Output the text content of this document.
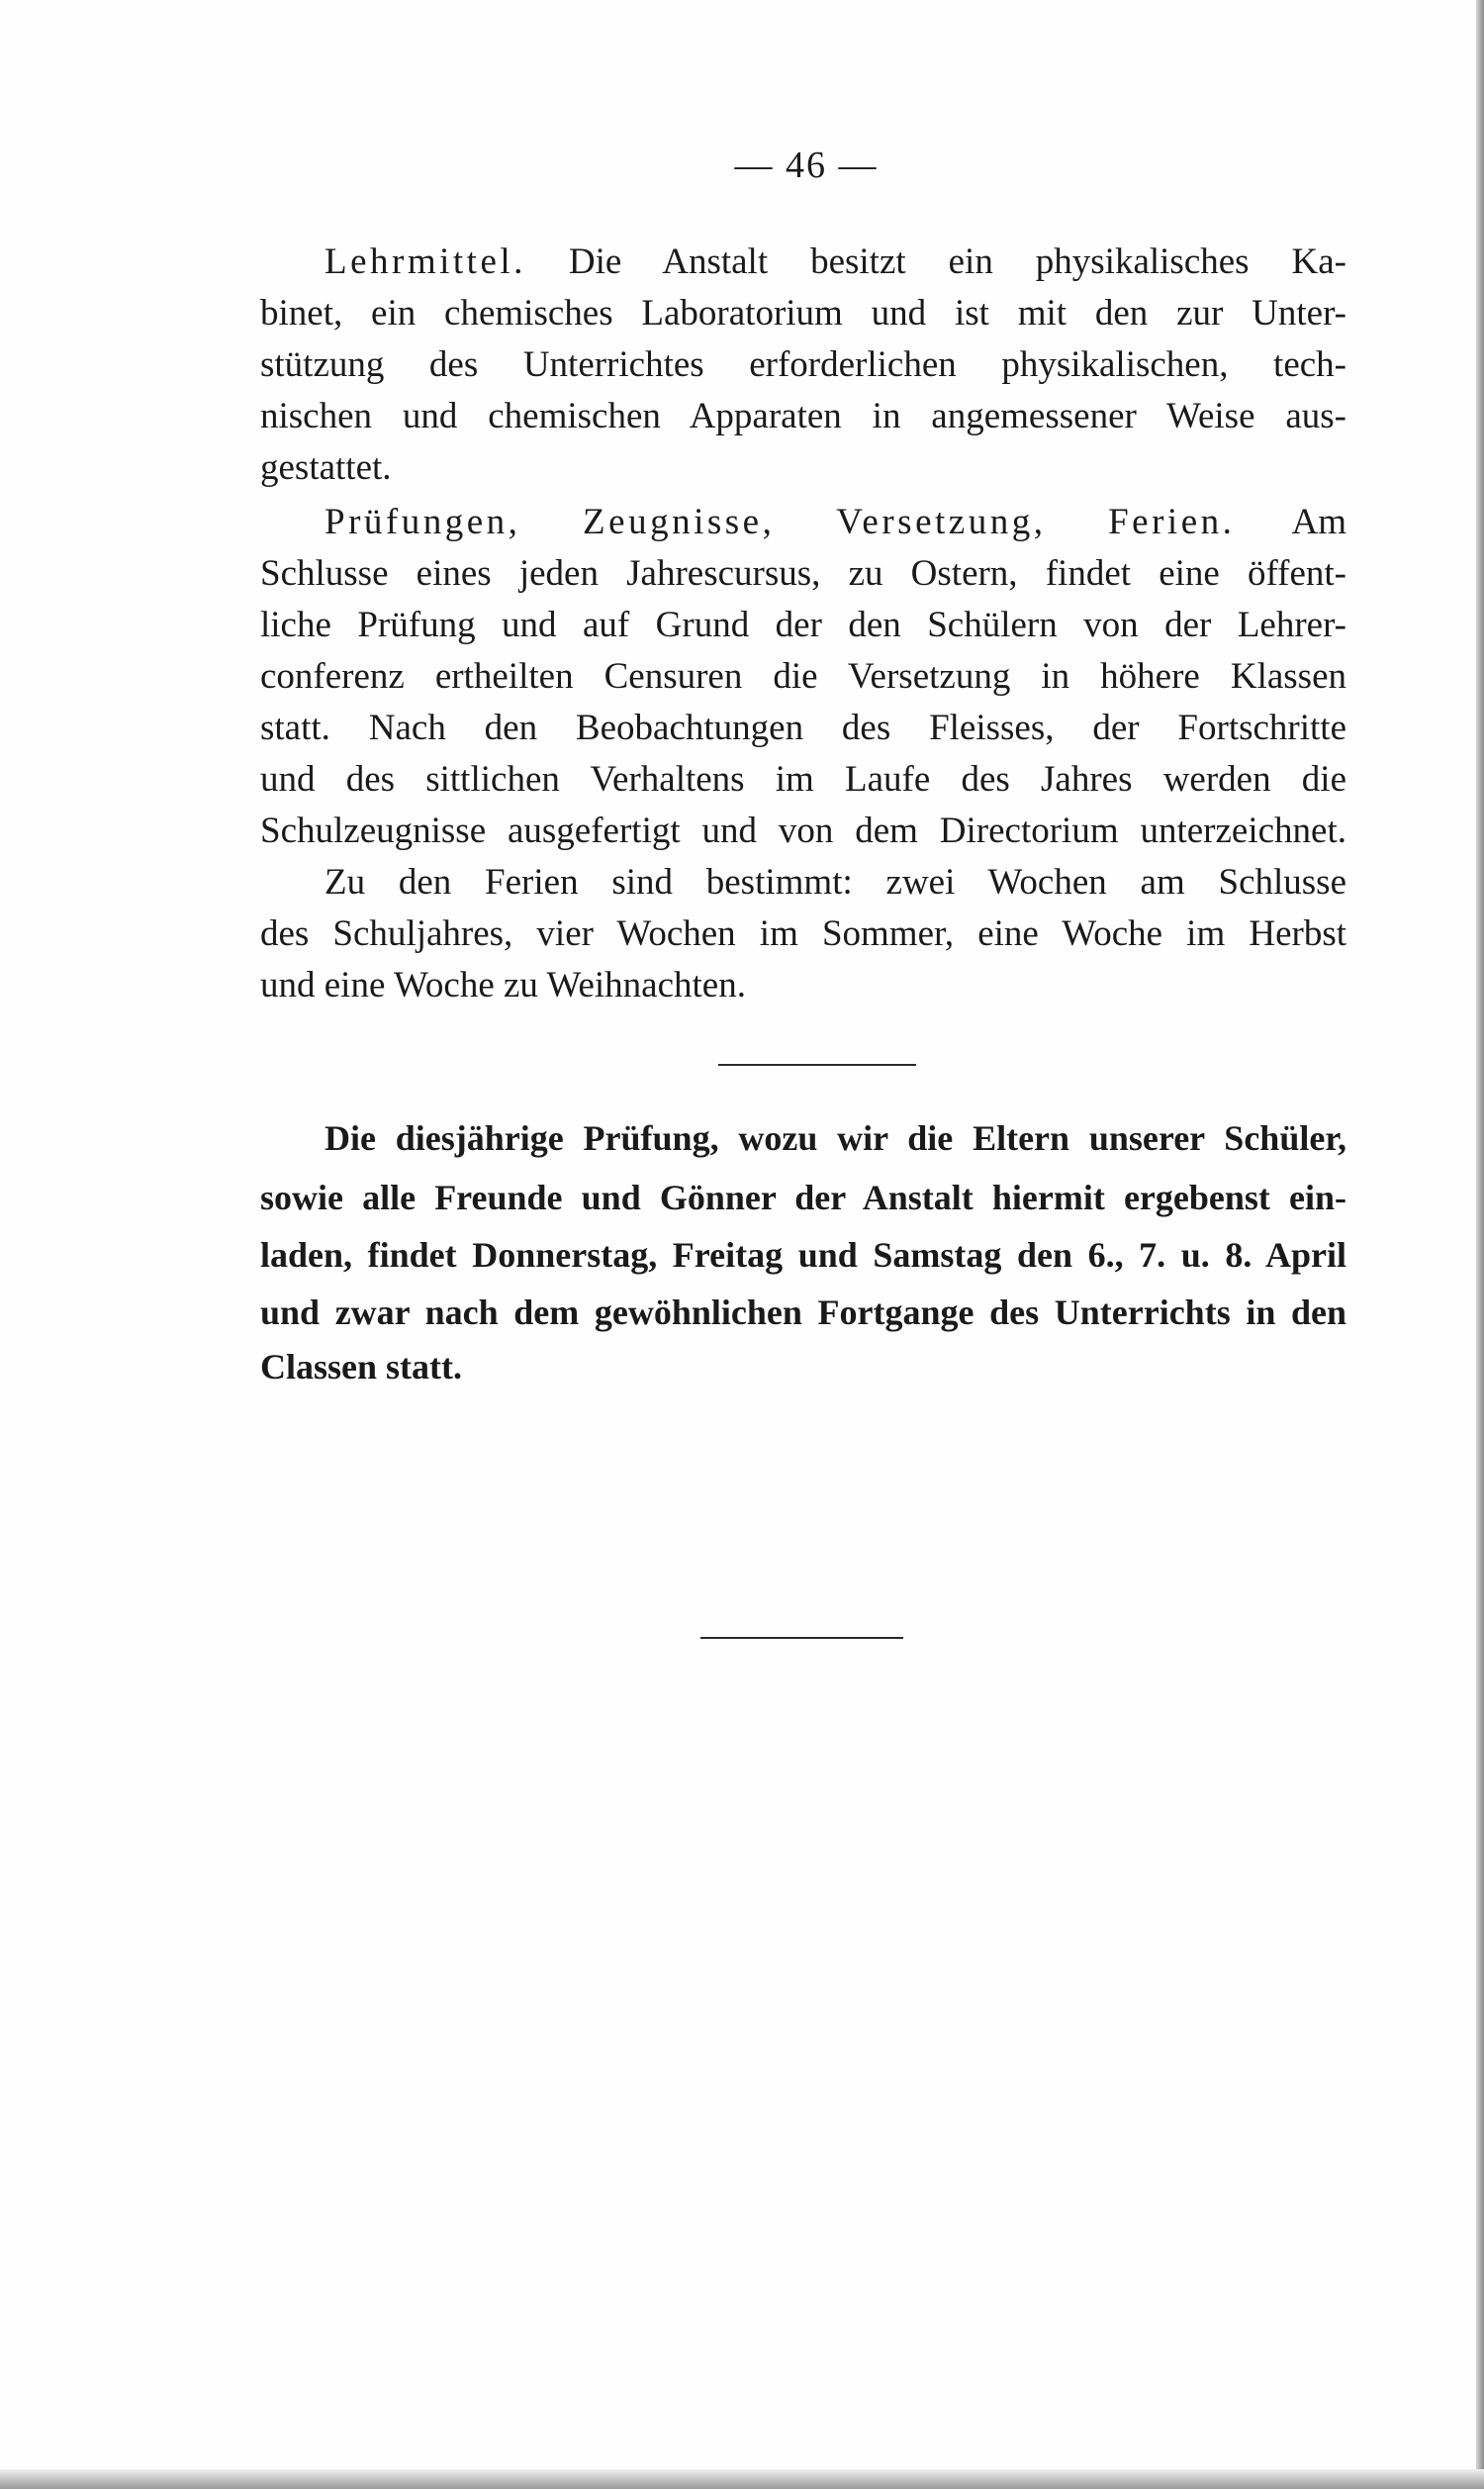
— 46 —
Lehrmittel. Die Anstalt besitzt ein physikalisches Ka-
binet, ein chemisches Laboratorium und ist mit den zur Unter-
stützung des Unterrichtes erforderlichen physikalischen, tech-
nischen und chemischen Apparaten in angemessener Weise aus-
gestattet.
Prüfungen, Zeugnisse, Versetzung, Ferien. Am
Schlusse eines jeden Jahrescursus, zu Ostern, findet eine öffent-
liche Prüfung und auf Grund der den Schülern von der Lehrer-
conferenz ertheilten Censuren die Versetzung in höhere Klassen
statt. Nach den Beobachtungen des Fleisses, der Fortschritte
und des sittlichen Verhaltens im Laufe des Jahres werden die
Schulzeugnisse ausgefertigt und von dem Directorium unterzeichnet.
Zu den Ferien sind bestimmt: zwei Wochen am Schlusse
des Schuljahres, vier Wochen im Sommer, eine Woche im Herbst
und eine Woche zu Weihnachten.
Die diesjährige Prüfung, wozu wir die Eltern unserer Schüler,
sowie alle Freunde und Gönner der Anstalt hiermit ergebenst ein-
laden, findet Donnerstag, Freitag und Samstag den 6., 7. u. 8. April
und zwar nach dem gewöhnlichen Fortgange des Unterrichts in den
Classen statt.
